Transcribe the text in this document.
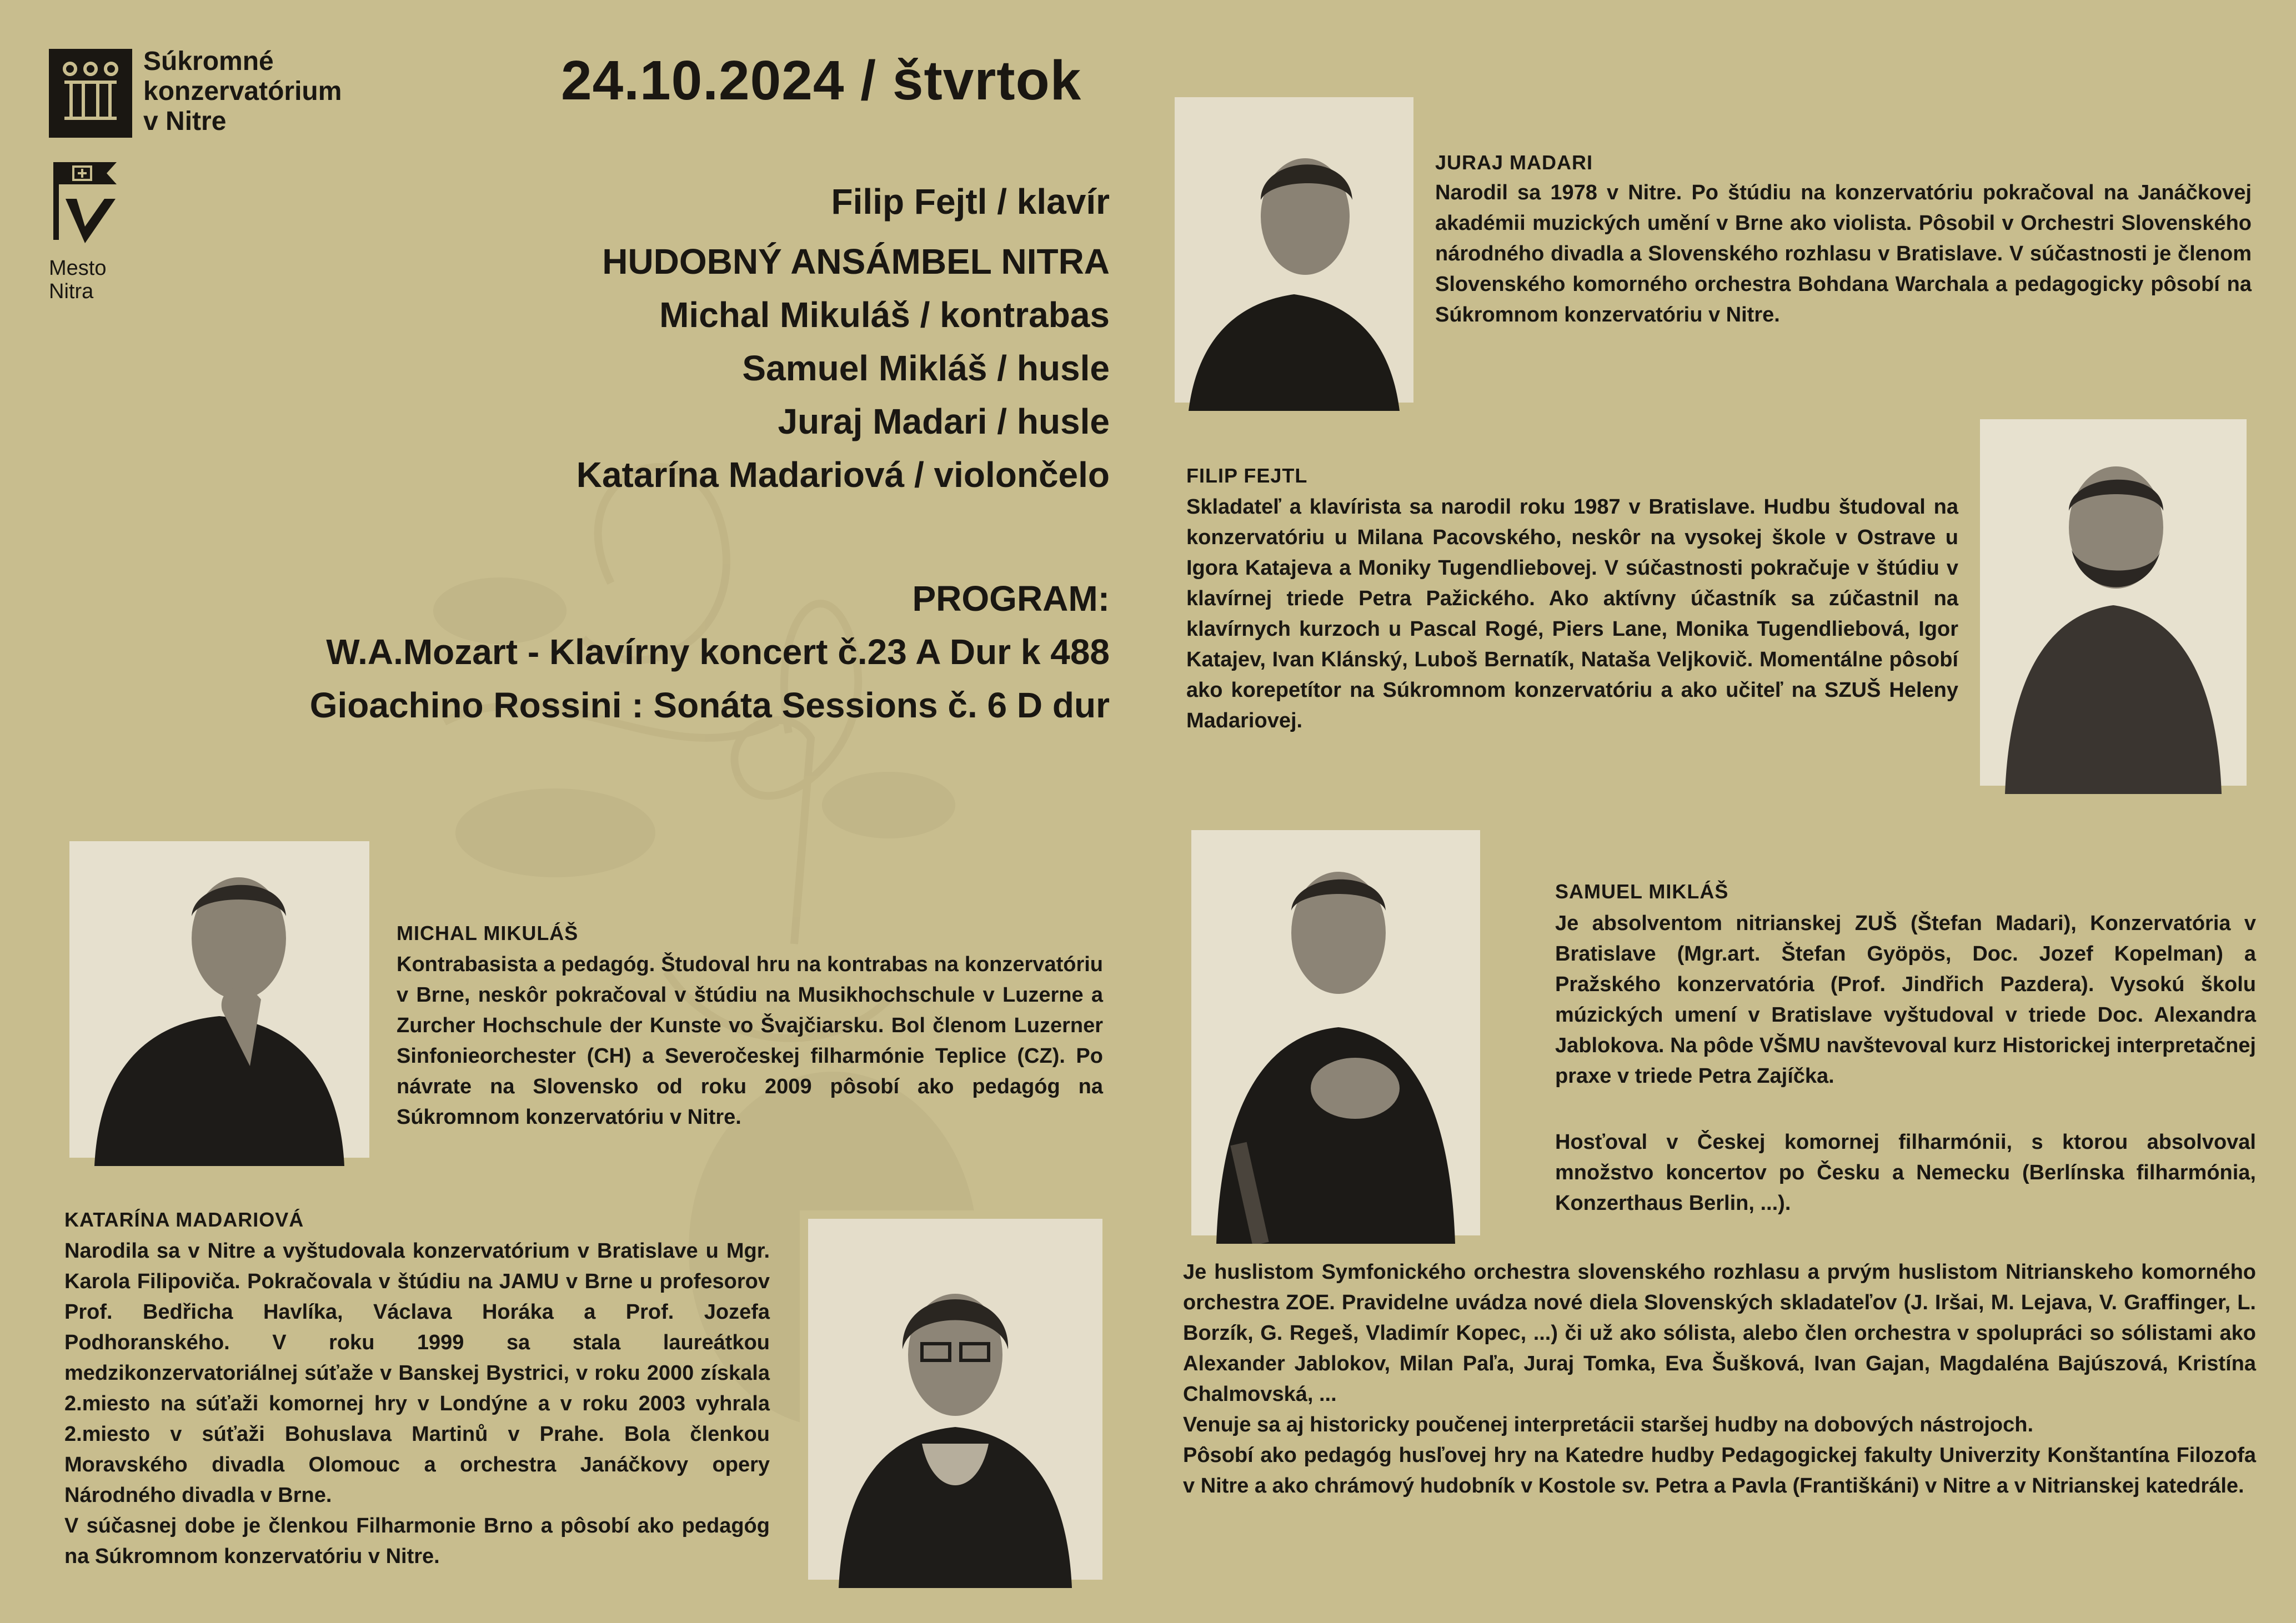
Súkromné
konzervatórium
v Nitre
Mesto
Nitra
24.10.2024 / štvrtok
Filip Fejtl / klavír
HUDOBNÝ ANSÁMBEL NITRA
Michal Mikuláš / kontrabas
Samuel Mikláš / husle
Juraj Madari / husle
Katarína Madariová / violončelo
PROGRAM:
W.A.Mozart - Klavírny koncert č.23 A Dur k 488
Gioachino Rossini : Sonáta Sessions č. 6 D dur
JURAJ MADARI
Narodil sa 1978 v Nitre. Po štúdiu na konzervatóriu pokračoval na Janáčkovej akadémii muzických umění v Brne ako violista. Pôsobil v Orchestri Slovenského národného divadla a Slovenského rozhlasu v Bratislave. V súčastnosti je členom Slovenského komorného orchestra Bohdana Warchala a pedagogicky pôsobí na Súkromnom konzervatóriu v Nitre.
FILIP FEJTL
Skladateľ a klavírista sa narodil roku 1987 v Bratislave. Hudbu študoval na konzervatóriu u Milana Pacovského, neskôr na vysokej škole v Ostrave u Igora Katajeva a Moniky Tugendliebovej. V súčastnosti pokračuje v štúdiu v klavírnej triede Petra Pažického. Ako aktívny účastník sa zúčastnil na klavírnych kurzoch u Pascal Rogé, Piers Lane, Monika Tugendliebová, Igor Katajev, Ivan Klánský, Luboš Bernatík, Nataša Veljkovič. Momentálne pôsobí ako korepetítor na Súkromnom konzervatóriu a ako učiteľ na SZUŠ Heleny Madariovej.
MICHAL MIKULÁŠ
Kontrabasista a pedagóg. Študoval hru na kontrabas na konzervatóriu v Brne, neskôr pokračoval v štúdiu na Musikhochschule v Luzerne a Zurcher Hochschule der Kunste vo Švajčiarsku. Bol členom Luzerner Sinfonieorchester (CH) a Severočeskej filharmónie Teplice (CZ). Po návrate na Slovensko od roku 2009 pôsobí ako pedagóg na Súkromnom konzervatóriu v Nitre.
SAMUEL MIKLÁŠ
Je absolventom nitrianskej ZUŠ (Štefan Madari), Konzervatória v Bratislave (Mgr.art. Štefan Gyöpös, Doc. Jozef Kopelman) a Pražského konzervatória (Prof. Jindřich Pazdera). Vysokú školu múzických umení v Bratislave vyštudoval v triede Doc. Alexandra Jablokova. Na pôde VŠMU navštevoval kurz Historickej interpretačnej praxe v triede Petra Zajíčka.
Hosťoval v Českej komornej filharmónii, s ktorou absolvoval množstvo koncertov po Česku a Nemecku (Berlínska filharmónia, Konzerthaus Berlin, ...).
Je huslistom Symfonického orchestra slovenského rozhlasu a prvým huslistom Nitrianskeho komorného orchestra ZOE. Pravidelne uvádza nové diela Slovenských skladateľov (J. Iršai, M. Lejava, V. Graffinger, L. Borzík, G. Regeš, Vladimír Kopec, ...) či už ako sólista, alebo člen orchestra v spolupráci so sólistami ako Alexander Jablokov, Milan Paľa, Juraj Tomka, Eva Šušková, Ivan Gajan, Magdaléna Bajúszová, Kristína Chalmovská, ...
Venuje sa aj historicky poučenej interpretácii staršej hudby na dobových nástrojoch.
Pôsobí ako pedagóg husľovej hry na Katedre hudby Pedagogickej fakulty Univerzity Konštantína Filozofa v Nitre a ako chrámový hudobník v Kostole sv. Petra a Pavla (Františkáni) v Nitre a v Nitrianskej katedrále.
KATARÍNA MADARIOVÁ
Narodila sa v Nitre a vyštudovala konzervatórium v Bratislave u Mgr. Karola Filipoviča. Pokračovala v štúdiu na JAMU v Brne u profesorov Prof. Bedřicha Havlíka, Václava Horáka a Prof. Jozefa Podhoranského. V roku 1999 sa stala laureátkou medzikonzervatoriálnej súťaže v Banskej Bystrici, v roku 2000 získala 2.miesto na súťaži komornej hry v Londýne a v roku 2003 vyhrala 2.miesto v súťaži Bohuslava Martinů v Prahe. Bola členkou Moravského divadla Olomouc a orchestra Janáčkovy opery Národného divadla v Brne.
V súčasnej dobe je členkou Filharmonie Brno a pôsobí ako pedagóg na Súkromnom konzervatóriu v Nitre.
